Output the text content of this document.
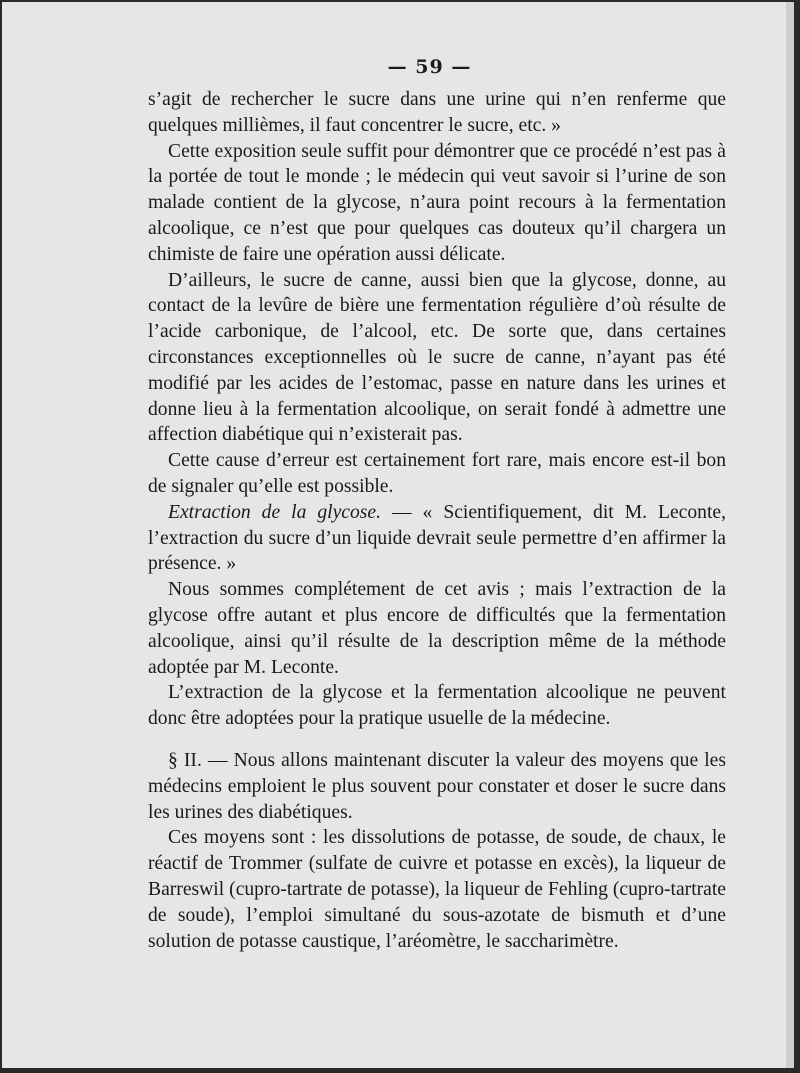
— 59 —

s’agit de rechercher le sucre dans une urine qui n’en renferme que quelques millièmes, il faut concentrer le sucre, etc. »

Cette exposition seule suffit pour démontrer que ce procédé n’est pas à la portée de tout le monde ; le médecin qui veut savoir si l’urine de son malade contient de la glycose, n’aura point recours à la fermentation alcoolique, ce n’est que pour quelques cas douteux qu’il chargera un chimiste de faire une opération aussi délicate.

D’ailleurs, le sucre de canne, aussi bien que la glycose, donne, au contact de la levûre de bière une fermentation régulière d’où résulte de l’acide carbonique, de l’alcool, etc. De sorte que, dans certaines circonstances exceptionnelles où le sucre de canne, n’ayant pas été modifié par les acides de l’estomac, passe en nature dans les urines et donne lieu à la fermentation alcoolique, on serait fondé à admettre une affection diabétique qui n’existerait pas.

Cette cause d’erreur est certainement fort rare, mais encore est-il bon de signaler qu’elle est possible.

Extraction de la glycose. — « Scientifiquement, dit M. Leconte, l’extraction du sucre d’un liquide devrait seule permettre d’en affirmer la présence. »

Nous sommes complétement de cet avis ; mais l’extraction de la glycose offre autant et plus encore de difficultés que la fermentation alcoolique, ainsi qu’il résulte de la description même de la méthode adoptée par M. Leconte.

L’extraction de la glycose et la fermentation alcoolique ne peuvent donc être adoptées pour la pratique usuelle de la médecine.

§ II. — Nous allons maintenant discuter la valeur des moyens que les médecins emploient le plus souvent pour constater et doser le sucre dans les urines des diabétiques.

Ces moyens sont : les dissolutions de potasse, de soude, de chaux, le réactif de Trommer (sulfate de cuivre et potasse en excès), la liqueur de Barreswil (cupro-tartrate de potasse), la liqueur de Fehling (cupro-tartrate de soude), l’emploi simultané du sous-azotate de bismuth et d’une solution de potasse caustique, l’aréomètre, le saccharimètre.
